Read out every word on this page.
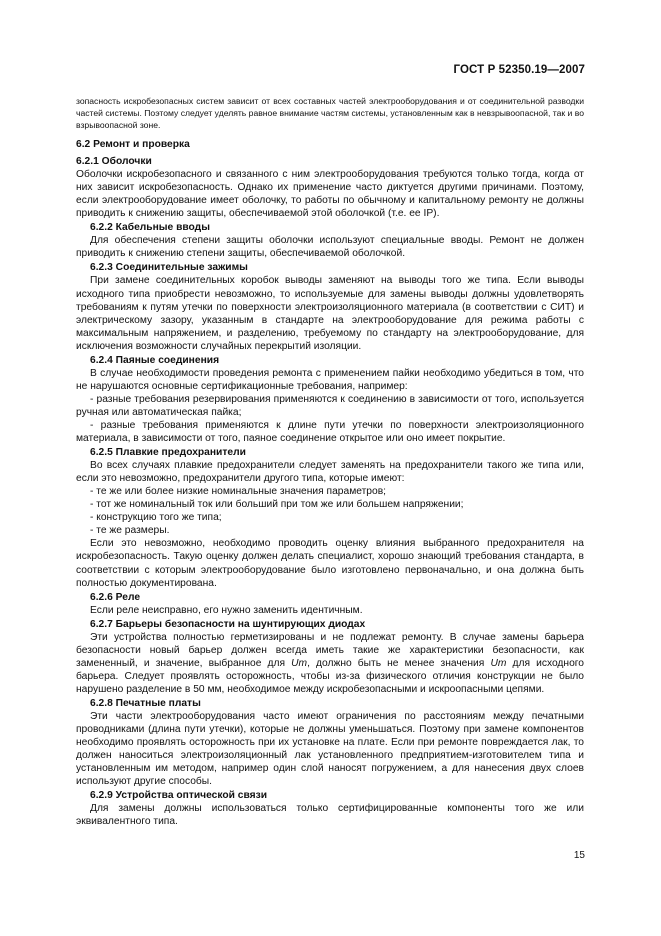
ГОСТ Р 52350.19—2007
зопасность искробезопасных систем зависит от всех составных частей электрооборудования и от соединительной разводки частей системы. Поэтому следует уделять равное внимание частям системы, установленным как в невзрывоопасной, так и во взрывоопасной зоне.
6.2 Ремонт и проверка
6.2.1 Оболочки
Оболочки искробезопасного и связанного с ним электрооборудования требуются только тогда, когда от них зависит искробезопасность. Однако их применение часто диктуется другими причинами. Поэтому, если электрооборудование имеет оболочку, то работы по обычному и капитальному ремонту не должны приводить к снижению защиты, обеспечиваемой этой оболочкой (т.е. ее IP).
6.2.2 Кабельные вводы
Для обеспечения степени защиты оболочки используют специальные вводы. Ремонт не должен приводить к снижению степени защиты, обеспечиваемой оболочкой.
6.2.3 Соединительные зажимы
При замене соединительных коробок выводы заменяют на выводы того же типа. Если выводы исходного типа приобрести невозможно, то используемые для замены выводы должны удовлетворять требованиям к путям утечки по поверхности электроизоляционного материала (в соответствии с СИТ) и электрическому зазору, указанным в стандарте на электрооборудование для режима работы с максимальным напряжением, и разделению, требуемому по стандарту на электрооборудование, для исключения возможности случайных перекрытий изоляции.
6.2.4 Паяные соединения
В случае необходимости проведения ремонта с применением пайки необходимо убедиться в том, что не нарушаются основные сертификационные требования, например:
- разные требования резервирования применяются к соединению в зависимости от того, используется ручная или автоматическая пайка;
- разные требования применяются к длине пути утечки по поверхности электроизоляционного материала, в зависимости от того, паяное соединение открытое или оно имеет покрытие.
6.2.5 Плавкие предохранители
Во всех случаях плавкие предохранители следует заменять на предохранители такого же типа или, если это невозможно, предохранители другого типа, которые имеют:
- те же или более низкие номинальные значения параметров;
- тот же номинальный ток или больший при том же или большем напряжении;
- конструкцию того же типа;
- те же размеры.
Если это невозможно, необходимо проводить оценку влияния выбранного предохранителя на искробезопасность. Такую оценку должен делать специалист, хорошо знающий требования стандарта, в соответствии с которым электрооборудование было изготовлено первоначально, и она должна быть полностью документирована.
6.2.6 Реле
Если реле неисправно, его нужно заменить идентичным.
6.2.7 Барьеры безопасности на шунтирующих диодах
Эти устройства полностью герметизированы и не подлежат ремонту. В случае замены барьера безопасности новый барьер должен всегда иметь такие же характеристики безопасности, как замененный, и значение, выбранное для Um, должно быть не менее значения Um для исходного барьера. Следует проявлять осторожность, чтобы из-за физического отличия конструкции не было нарушено разделение в 50 мм, необходимое между искробезопасными и искроопасными цепями.
6.2.8 Печатные платы
Эти части электрооборудования часто имеют ограничения по расстояниям между печатными проводниками (длина пути утечки), которые не должны уменьшаться. Поэтому при замене компонентов необходимо проявлять осторожность при их установке на плате. Если при ремонте повреждается лак, то должен наноситься электроизоляционный лак установленного предприятием-изготовителем типа и установленным им методом, например один слой наносят погружением, а для нанесения двух слоев используют другие способы.
6.2.9 Устройства оптической связи
Для замены должны использоваться только сертифицированные компоненты того же или эквивалентного типа.
15
